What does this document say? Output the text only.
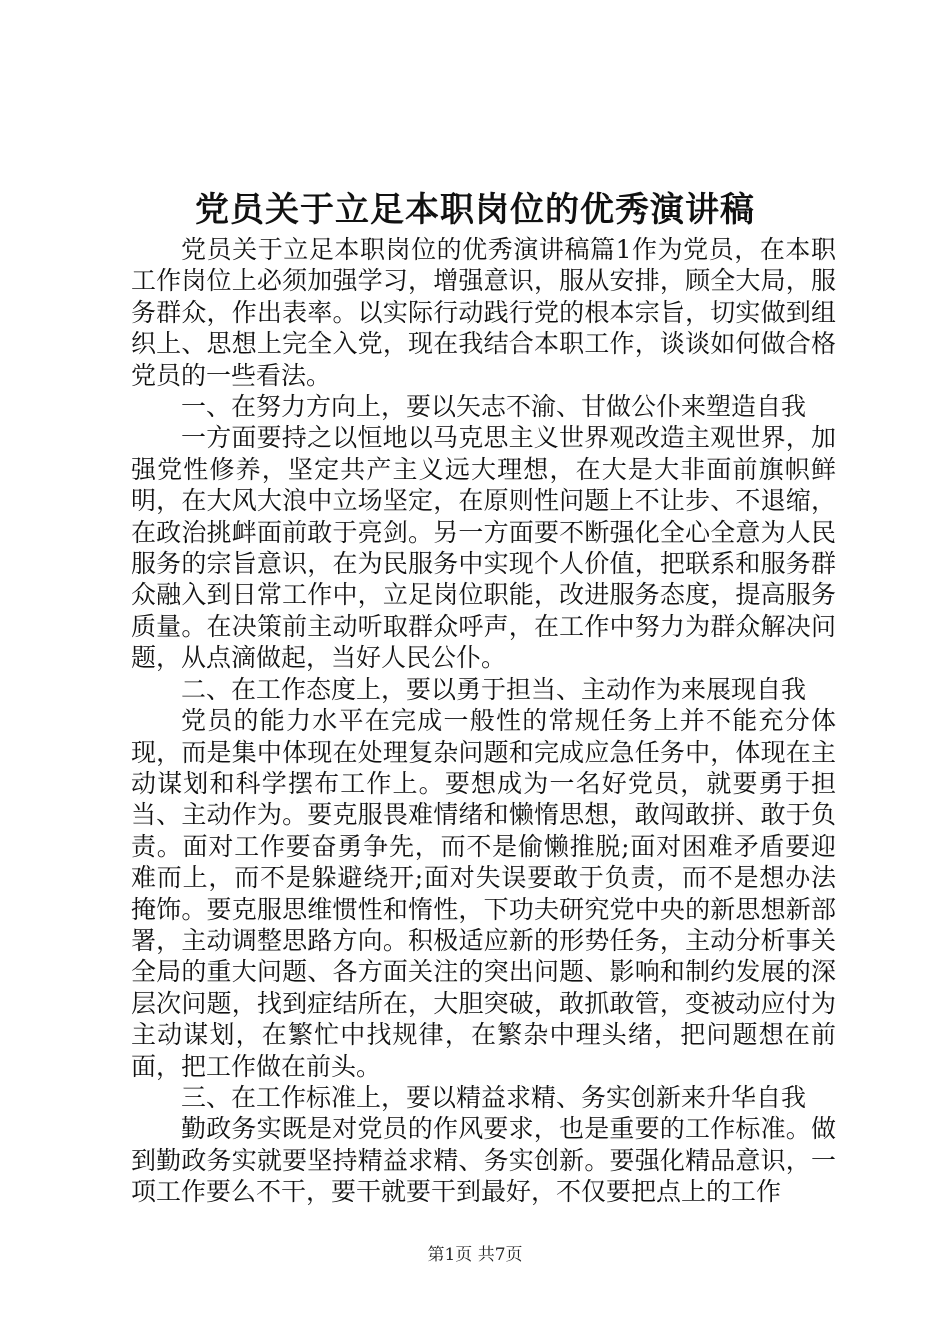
党员关于立足本职岗位的优秀演讲稿

党员关于立足本职岗位的优秀演讲稿篇1作为党员，在本职工作岗位上必须加强学习，增强意识，服从安排，顾全大局，服务群众，作出表率。以实际行动践行党的根本宗旨，切实做到组织上、思想上完全入党，现在我结合本职工作，谈谈如何做合格党员的一些看法。

一、在努力方向上，要以矢志不渝、甘做公仆来塑造自我

一方面要持之以恒地以马克思主义世界观改造主观世界，加强党性修养，坚定共产主义远大理想，在大是大非面前旗帜鲜明，在大风大浪中立场坚定，在原则性问题上不让步、不退缩，在政治挑衅面前敢于亮剑。另一方面要不断强化全心全意为人民服务的宗旨意识，在为民服务中实现个人价值，把联系和服务群众融入到日常工作中，立足岗位职能，改进服务态度，提高服务质量。在决策前主动听取群众呼声，在工作中努力为群众解决问题，从点滴做起，当好人民公仆。

二、在工作态度上，要以勇于担当、主动作为来展现自我

党员的能力水平在完成一般性的常规任务上并不能充分体现，而是集中体现在处理复杂问题和完成应急任务中，体现在主动谋划和科学摆布工作上。要想成为一名好党员，就要勇于担当、主动作为。要克服畏难情绪和懒惰思想，敢闯敢拼、敢于负责。面对工作要奋勇争先，而不是偷懒推脱;面对困难矛盾要迎难而上，而不是躲避绕开;面对失误要敢于负责，而不是想办法掩饰。要克服思维惯性和惰性，下功夫研究党中央的新思想新部署，主动调整思路方向。积极适应新的形势任务，主动分析事关全局的重大问题、各方面关注的突出问题、影响和制约发展的深层次问题，找到症结所在，大胆突破，敢抓敢管，变被动应付为主动谋划，在繁忙中找规律，在繁杂中理头绪，把问题想在前面，把工作做在前头。

三、在工作标准上，要以精益求精、务实创新来升华自我

勤政务实既是对党员的作风要求，也是重要的工作标准。做到勤政务实就要坚持精益求精、务实创新。要强化精品意识，一项工作要么不干，要干就要干到最好，不仅要把点上的工作

第1页 共7页
